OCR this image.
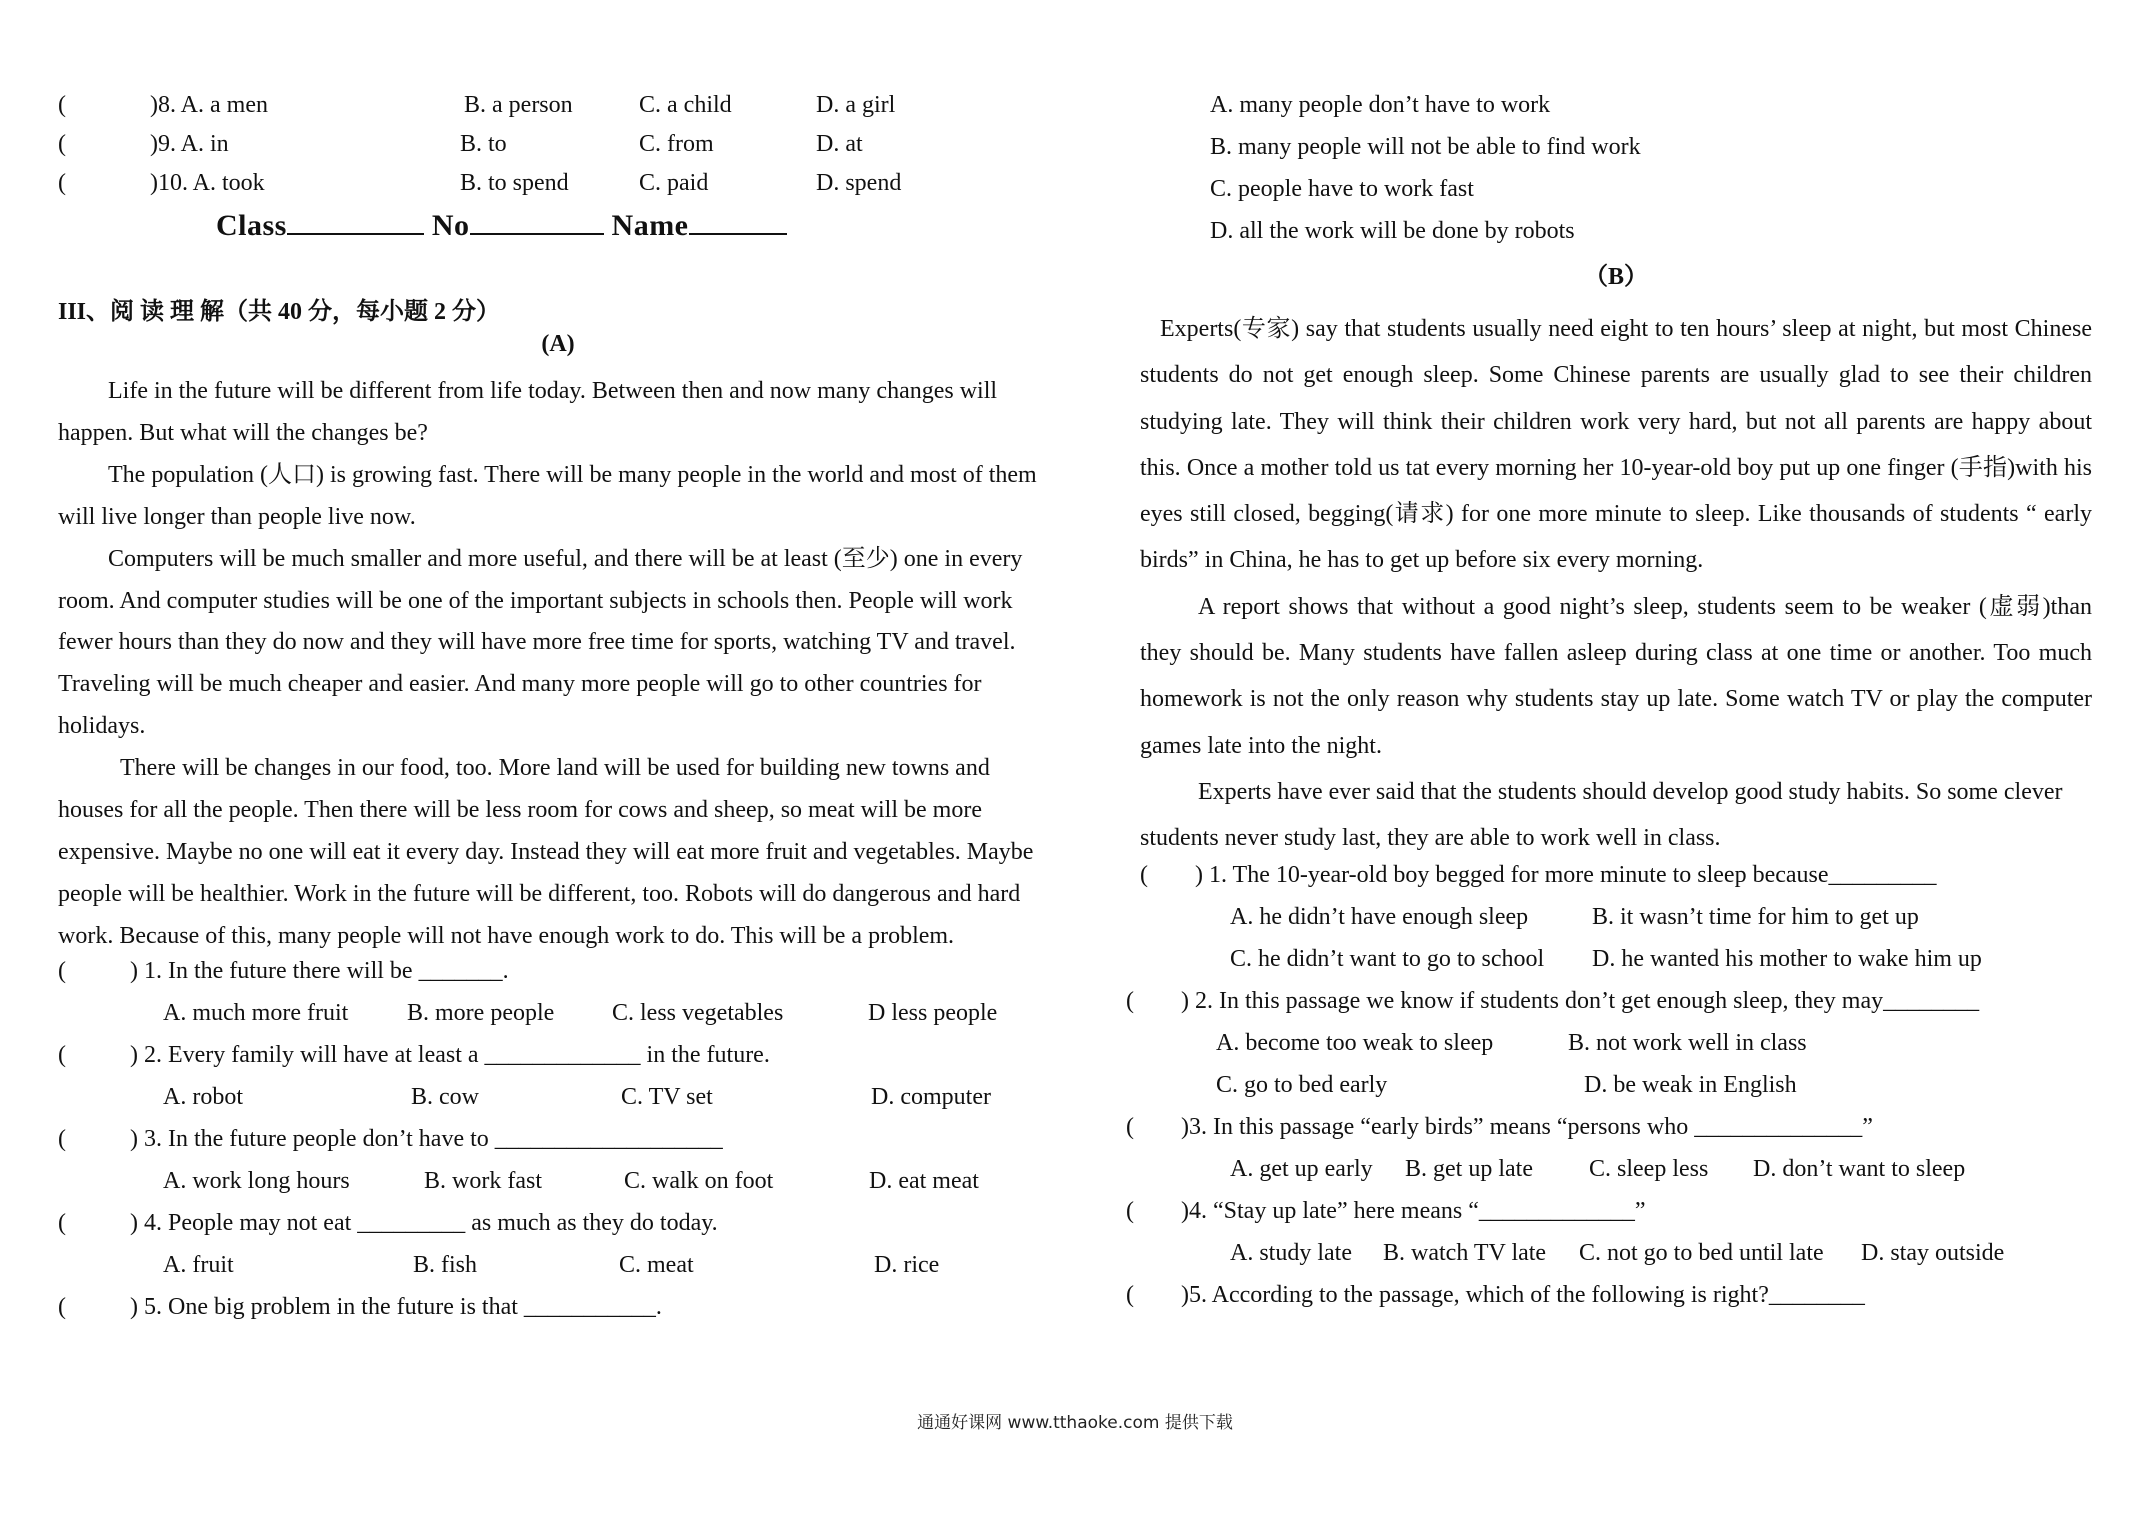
(	)8. A. a men	B. a person	C. a child	D. a girl
(	)9. A. in	B. to	C. from	D. at
(	)10. A. took	B. to spend	C. paid	D. spend
Class	No	Name
III、阅 读 理 解（共 40 分，每小题 2 分）
(A)

Life in the future will be different from life today. Between then and now many changes will happen. But what will the changes be?

The population (人口) is growing fast. There will be many people in the world and most of them will live longer than people live now.

Computers will be much smaller and more useful, and there will be at least (至少) one in every room. And computer studies will be one of the important subjects in schools then. People will work fewer hours than they do now and they will have more free time for sports, watching TV and travel. Traveling will be much cheaper and easier. And many more people will go to other countries for holidays.

There will be changes in our food, too. More land will be used for building new towns and houses for all the people. Then there will be less room for cows and sheep, so meat will be more expensive. Maybe no one will eat it every day. Instead they will eat more fruit and vegetables. Maybe people will be healthier. Work in the future will be different, too. Robots will do dangerous and hard work. Because of this, many people will not have enough work to do. This will be a problem.

( ) 1. In the future there will be _______.
A. much more fruit	B. more people	C. less vegetables	D less people
( ) 2. Every family will have at least a _____________ in the future.
A. robot	B. cow	C. TV set	D. computer
( ) 3. In the future people don’t have to ___________________
A. work long hours	B. work fast	C. walk on foot	D. eat meat
( ) 4. People may not eat _________ as much as they do today.
A. fruit	B. fish	C. meat	D. rice
( ) 5. One big problem in the future is that ___________.
A. many people don’t have to work
B. many people will not be able to find work
C. people have to work fast
D. all the work will be done by robots
（B）

Experts(专家) say that students usually need eight to ten hours’ sleep at night, but most Chinese students do not get enough sleep. Some Chinese parents are usually glad to see their children studying late. They will think their children work very hard, but not all parents are happy about this. Once a mother told us tat every morning her 10-year-old boy put up one finger (手指)with his eyes still closed, begging(请求) for one more minute to sleep. Like thousands of students “ early birds” in China, he has to get up before six every morning.

A report shows that without a good night’s sleep, students seem to be weaker (虚弱)than they should be. Many students have fallen asleep during class at one time or another. Too much homework is not the only reason why students stay up late. Some watch TV or play the computer games late into the night.

Experts have ever said that the students should develop good study habits. So some clever students never study last, they are able to work well in class.

( ) 1. The 10-year-old boy begged for more minute to sleep because_________
A. he didn’t have enough sleep	B. it wasn’t time for him to get up
C. he didn’t want to go to school	D. he wanted his mother to wake him up
( ) 2. In this passage we know if students don’t get enough sleep, they may________
A. become too weak to sleep	B. not work well in class
C. go to bed early	D. be weak in English
( )3. In this passage “early birds” means “persons who ______________”
A. get up early	B. get up late	C. sleep less	D. don’t want to sleep
( )4. “Stay up late” here means “_____________”
A. study late	B. watch TV late	C. not go to bed until late	D. stay outside
( )5. According to the passage, which of the following is right?________
通通好课网 www.tthaoke.com 提供下载
